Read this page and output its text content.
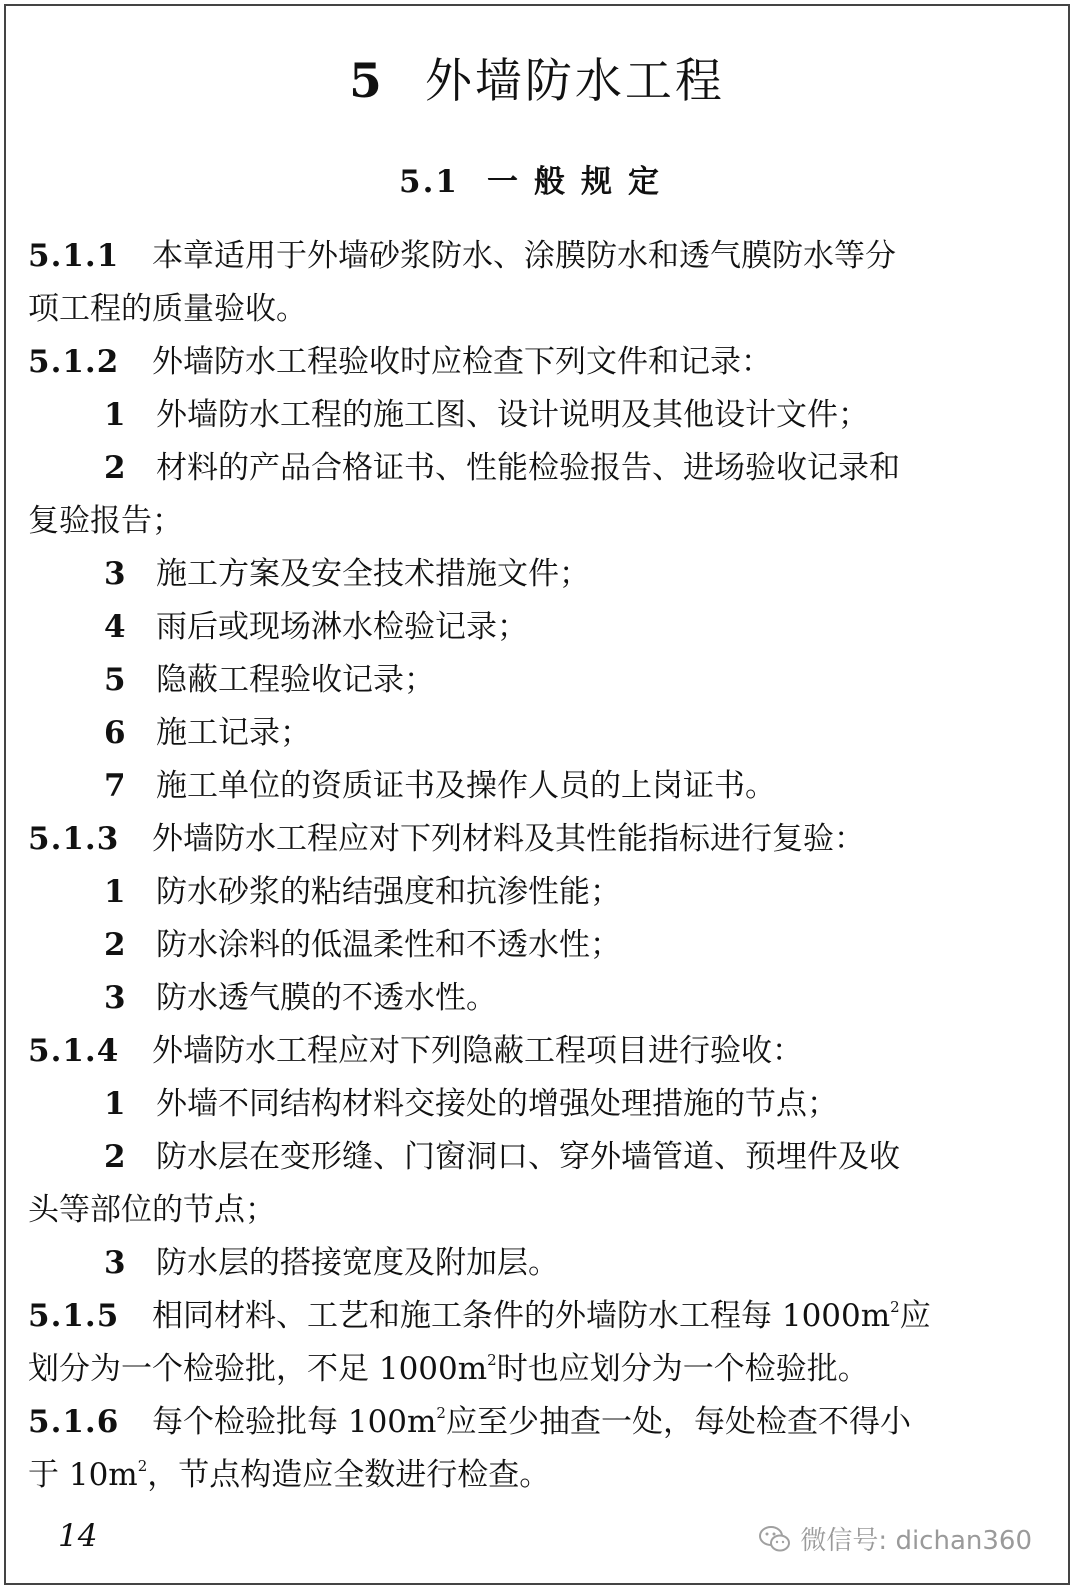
5 外墙防水工程
5.1 一般规定
5.1.1 本章适用于外墙砂浆防水、涂膜防水和透气膜防水等分
项工程的质量验收。
5.1.2 外墙防水工程验收时应检查下列文件和记录：
1 外墙防水工程的施工图、设计说明及其他设计文件；
2 材料的产品合格证书、性能检验报告、进场验收记录和
复验报告；
3 施工方案及安全技术措施文件；
4 雨后或现场淋水检验记录；
5 隐蔽工程验收记录；
6 施工记录；
7 施工单位的资质证书及操作人员的上岗证书。
5.1.3 外墙防水工程应对下列材料及其性能指标进行复验：
1 防水砂浆的粘结强度和抗渗性能；
2 防水涂料的低温柔性和不透水性；
3 防水透气膜的不透水性。
5.1.4 外墙防水工程应对下列隐蔽工程项目进行验收：
1 外墙不同结构材料交接处的增强处理措施的节点；
2 防水层在变形缝、门窗洞口、穿外墙管道、预埋件及收
头等部位的节点；
3 防水层的搭接宽度及附加层。
5.1.5 相同材料、工艺和施工条件的外墙防水工程每 $1000m^2$应
划分为一个检验批，不足 $1000m^2$时也应划分为一个检验批。
5.1.6 每个检验批每 $100m^2$应至少抽查一处，每处检查不得小
于 $10m^2$，节点构造应全数进行检查。
14	微信号: dichan360
